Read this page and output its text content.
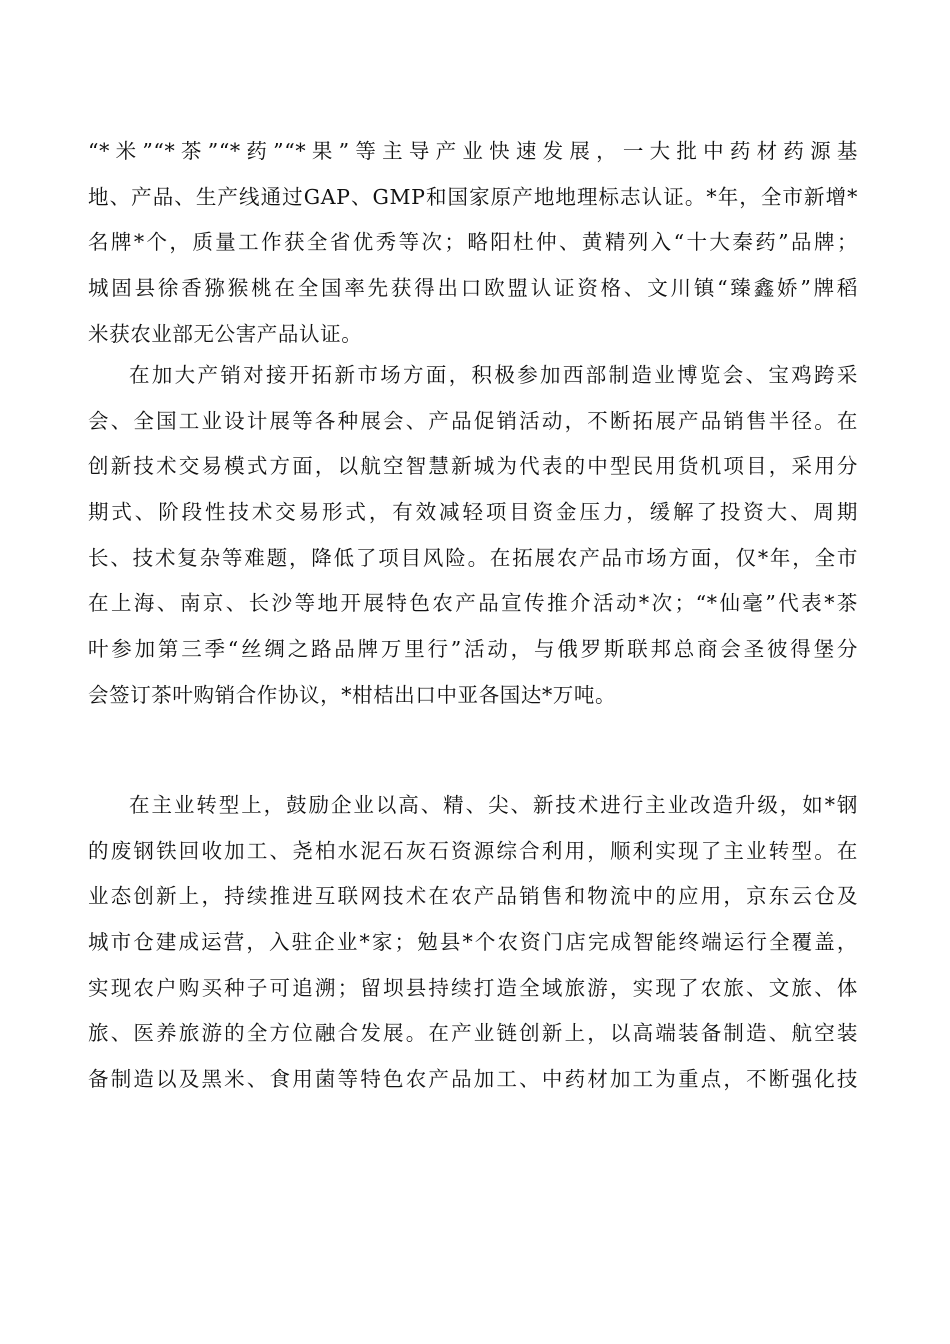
“*米”“*茶”“*药”“*果”等主导产业快速发展，一大批中药材药源基
地、产品、生产线通过GAP、GMP和国家原产地地理标志认证。*年，全市新增*
名牌*个，质量工作获全省优秀等次；略阳杜仲、黄精列入“十大秦药”品牌；
城固县徐香猕猴桃在全国率先获得出口欧盟认证资格、文川镇“臻鑫娇”牌稻
米获农业部无公害产品认证。
在加大产销对接开拓新市场方面，积极参加西部制造业博览会、宝鸡跨采
会、全国工业设计展等各种展会、产品促销活动，不断拓展产品销售半径。在
创新技术交易模式方面，以航空智慧新城为代表的中型民用货机项目，采用分
期式、阶段性技术交易形式，有效减轻项目资金压力，缓解了投资大、周期
长、技术复杂等难题，降低了项目风险。在拓展农产品市场方面，仅*年，全市
在上海、南京、长沙等地开展特色农产品宣传推介活动*次；“*仙毫”代表*茶
叶参加第三季“丝绸之路品牌万里行”活动，与俄罗斯联邦总商会圣彼得堡分
会签订茶叶购销合作协议，*柑桔出口中亚各国达*万吨。
在主业转型上，鼓励企业以高、精、尖、新技术进行主业改造升级，如*钢
的废钢铁回收加工、尧柏水泥石灰石资源综合利用，顺利实现了主业转型。在
业态创新上，持续推进互联网技术在农产品销售和物流中的应用，京东云仓及
城市仓建成运营，入驻企业*家；勉县*个农资门店完成智能终端运行全覆盖，
实现农户购买种子可追溯；留坝县持续打造全域旅游，实现了农旅、文旅、体
旅、医养旅游的全方位融合发展。在产业链创新上，以高端装备制造、航空装
备制造以及黑米、食用菌等特色农产品加工、中药材加工为重点，不断强化技
